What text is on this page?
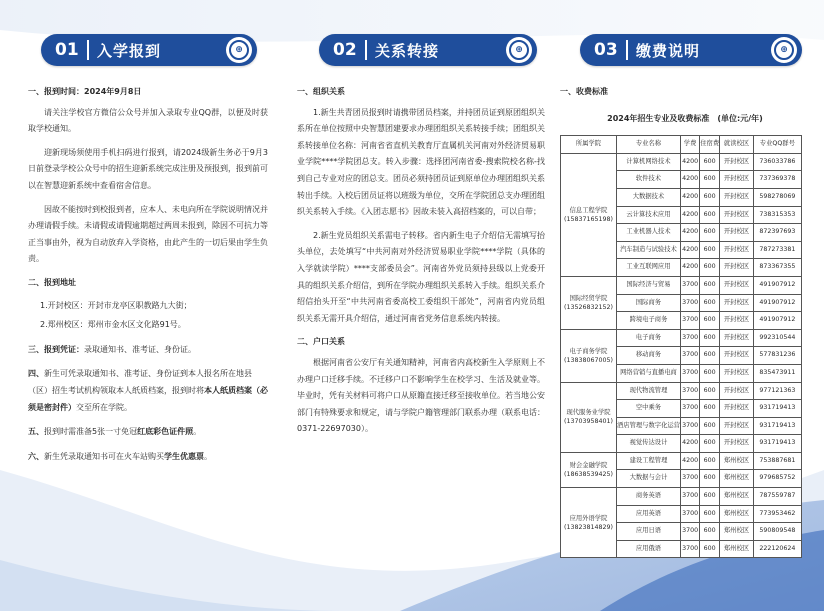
01	入学报到	⊕
一、报到时间：2024年9月8日

请关注学校官方微信公众号并加入录取专业QQ群，以便及时获取学校通知。

迎新现场须使用手机扫码进行报到，请2024级新生务必于9月3日前登录学校公众号中的招生迎新系统完成注册及预报到，报到前可以在智慧迎新系统中查看宿舍信息。

因故不能按时到校报到者，应本人、未电向所在学院说明情况并办理请假手续。未请假或请假逾期超过两周未报到，除因不可抗力等正当事由外，视为自动放弃入学资格，由此产生的一切后果由学生负责。

二、报到地址

1.开封校区：开封市龙亭区职教路九大街；

2.郑州校区：郑州市金水区文化路91号。

三、报到凭证：录取通知书、准考证、身份证。

四、新生可凭录取通知书、准考证、身份证到本人报名所在地县（区）招生考试机构领取本人纸质档案，报到时将本人纸质档案（必须是密封件）交至所在学院。

五、报到时需准备5张一寸免冠红底彩色证件照。

六、新生凭录取通知书可在火车站购买学生优惠票。

02	关系转接	⊕
一、组织关系

1.新生共青团员报到时请携带团员档案，并持团员证到原团组织关系所在单位按照中央智慧团建要求办理团组织关系转接手续；团组织关系转接单位名称：河南省省直机关教育厅直属机关河南对外经济贸易职业学院****学院团总支。转入步骤：选择团河南省委-搜索院校名称-找到自己专业对应的团总支。团员必须持团员证到原单位办理团组织关系转出手续。入校后团员证将以班级为单位，交所在学院团总支办理团组织关系转入手续。《入团志愿书》因故未装入高招档案的，可以自带；

2.新生党员组织关系需电子转移。省内新生电子介绍信无需填写抬头单位，去处填写“中共河南对外经济贸易职业学院****学院（具体的入学就读学院）****支部委员会”。河南省外党员须持县级以上党委开具的组织关系介绍信，到所在学院办理组织关系转入手续。组织关系介绍信抬头开至“中共河南省委高校工委组织干部处”，河南省内党员组织关系无需开具介绍信，通过河南省党务信息系统内转接。

二、户口关系

根据河南省公安厅有关通知精神，河南省内高校新生入学原则上不办理户口迁移手续。不迁移户口不影响学生在校学习、生活及就业等。毕业时，凭有关材料可将户口从原籍直接迁移至接收单位。若当地公安部门有特殊要求和规定，请与学院户籍管理部门联系办理（联系电话：0371-22697030）。

03	缴费说明	⊕
一、收费标准
2024年招生专业及收费标准　(单位:元/年)
所属学院	专业名称	学费	住宿费	就读校区	专业QQ群号

信息工程学院
(15837165198)	计算机网络技术	4200	600	开封校区	736033786
	软件技术	4200	600	开封校区	737369378
	大数据技术	4200	600	开封校区	598278069
	云计算技术应用	4200	600	开封校区	738315353
	工业机器人技术	4200	600	开封校区	872397693
	汽车制造与试验技术	4200	600	开封校区	787273381
	工业互联网应用	4200	600	开封校区	873367355

国际经贸学院
(13526832152)	国际经济与贸易	3700	600	开封校区	491907912
	国际商务	3700	600	开封校区	491907912
	跨境电子商务	3700	600	开封校区	491907912

电子商务学院
(13838067005)	电子商务	3700	600	开封校区	992310544
	移动商务	3700	600	开封校区	577831236
	网络营销与直播电商	3700	600	开封校区	835473911

现代服务业学院
(13703958401)	现代物流管理	3700	600	开封校区	977121363
	空中乘务	3700	600	开封校区	931719413
	酒店管理与数字化运营	3700	600	开封校区	931719413
	视觉传达设计	4200	600	开封校区	931719413

财会金融学院
(18638539425)	建设工程管理	4200	600	郑州校区	753887681
	大数据与会计	3700	600	郑州校区	979685752

应用外语学院
(13823814829)	商务英语	3700	600	郑州校区	787559787
	应用英语	3700	600	郑州校区	773953462
	应用日语	3700	600	郑州校区	590809548
	应用俄语	3700	600	郑州校区	222120624
